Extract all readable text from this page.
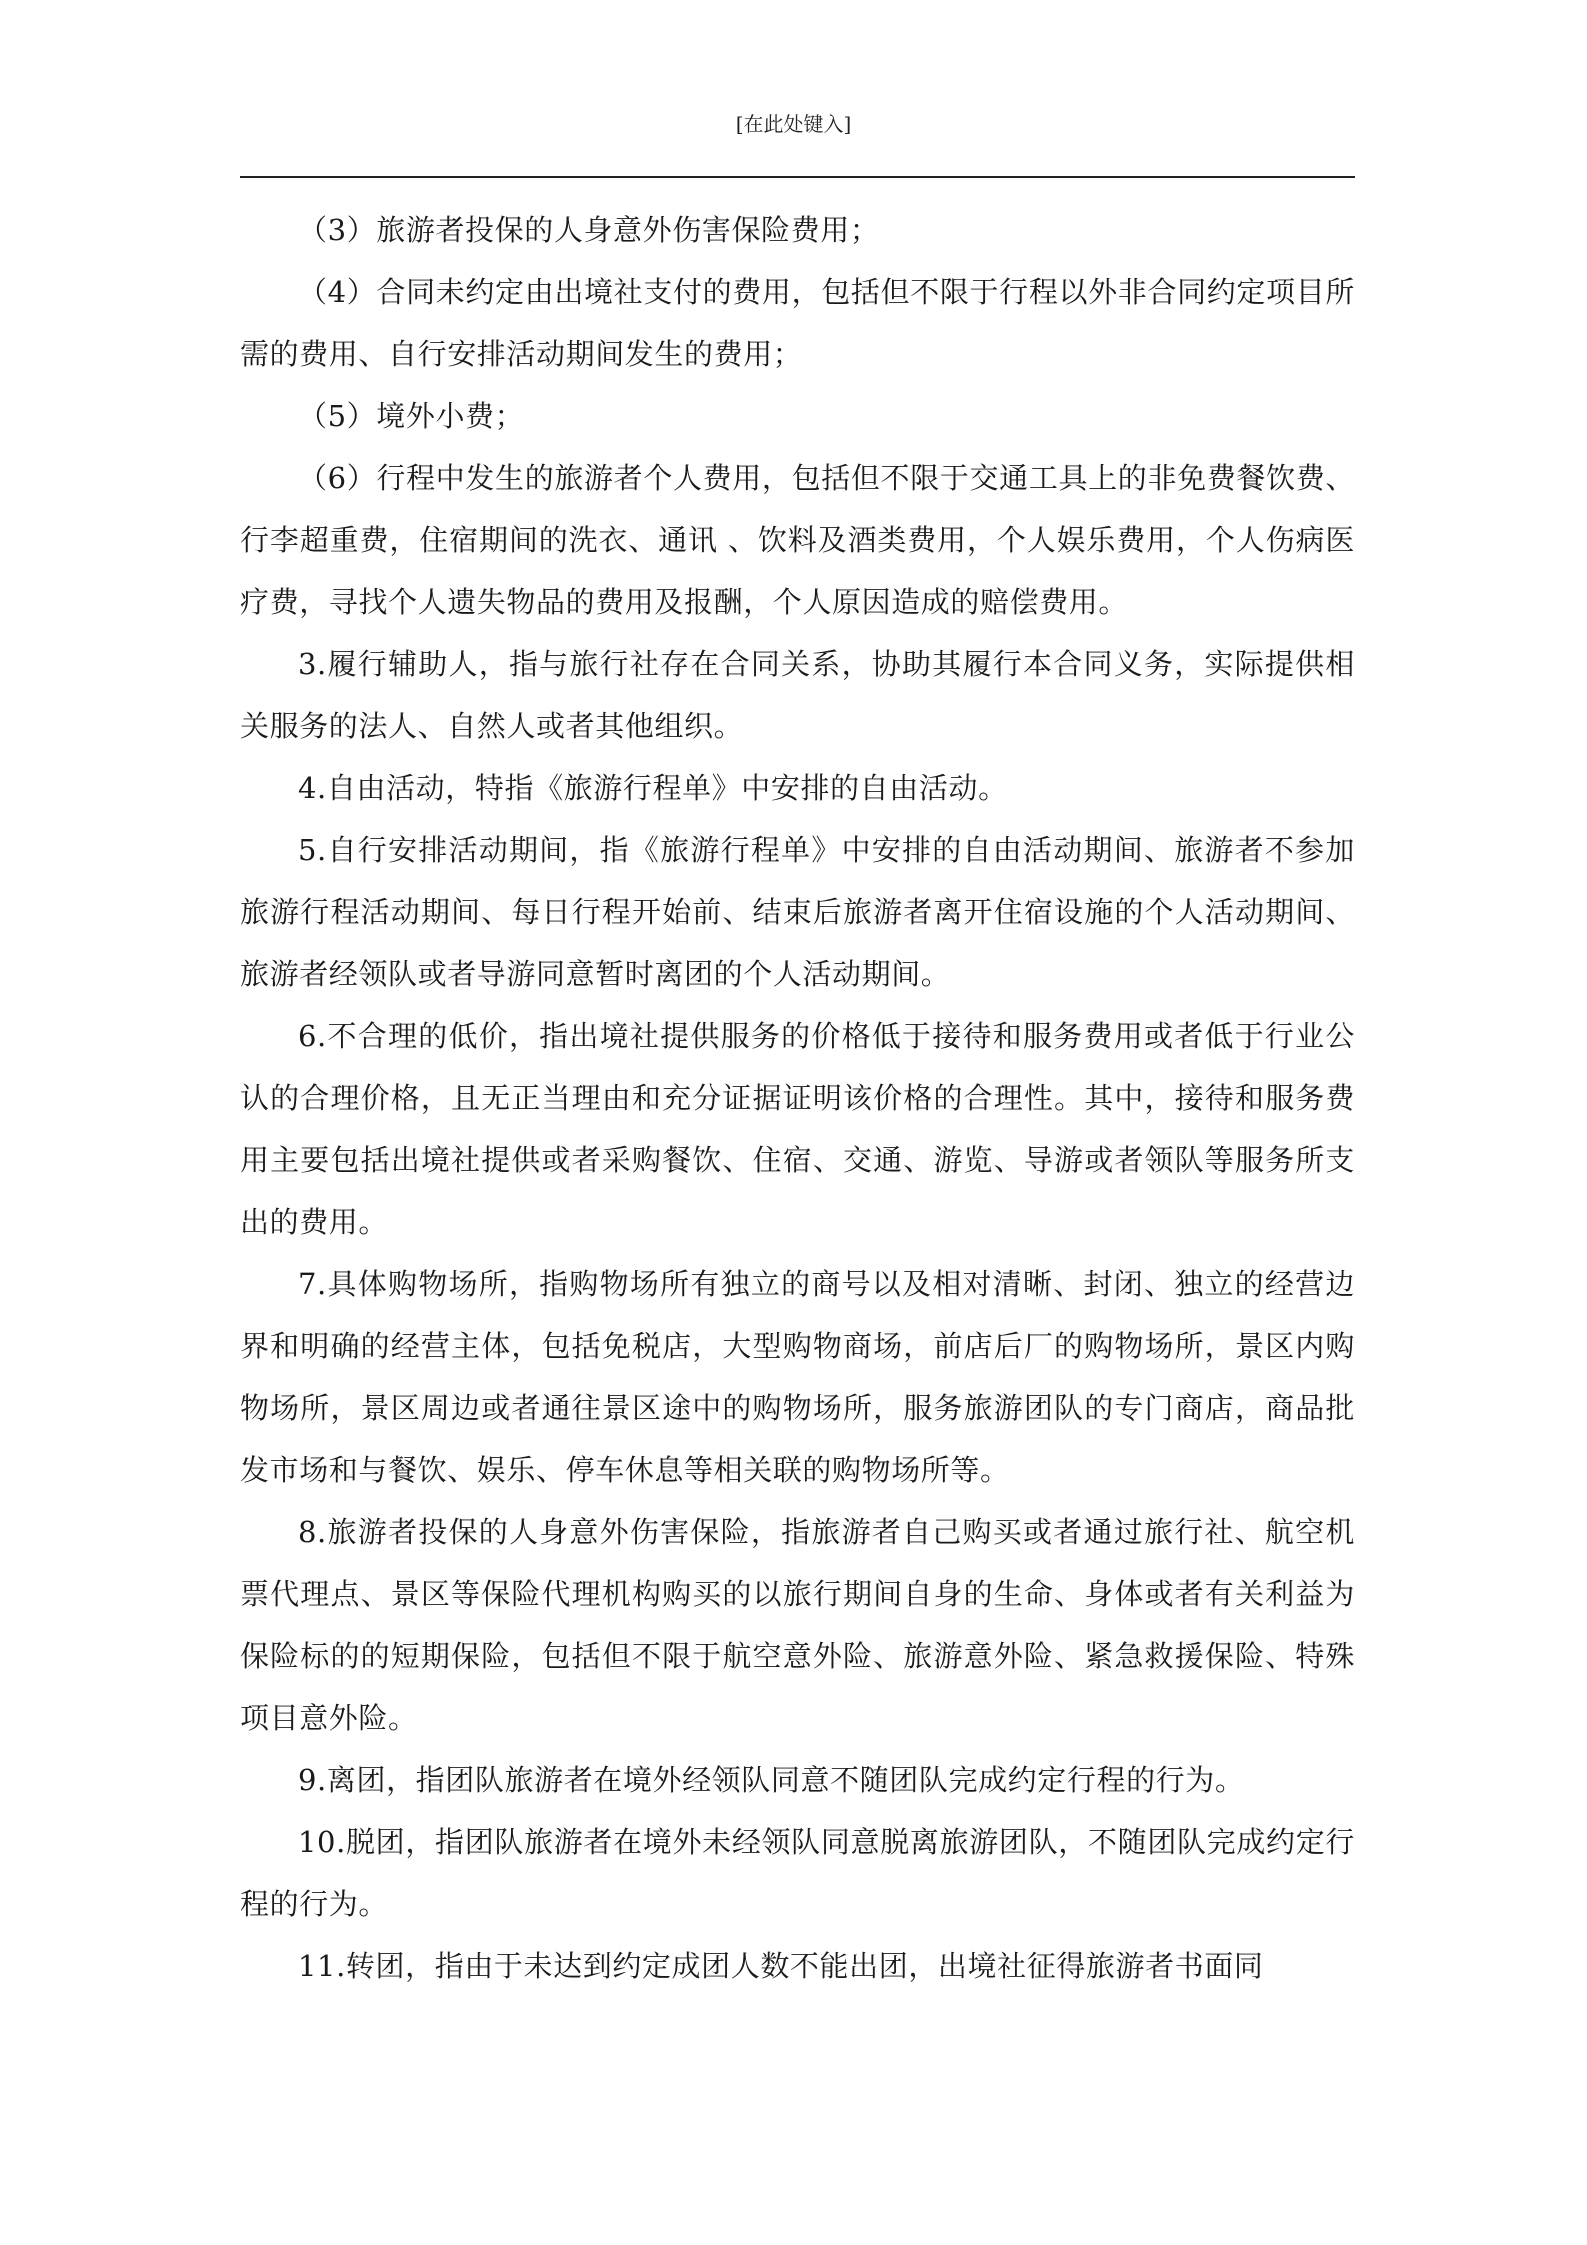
[在此处键入]

（3）旅游者投保的人身意外伤害保险费用；

（4）合同未约定由出境社支付的费用，包括但不限于行程以外非合同约定项目所需的费用、自行安排活动期间发生的费用；

（5）境外小费；

（6）行程中发生的旅游者个人费用，包括但不限于交通工具上的非免费餐饮费、行李超重费，住宿期间的洗衣、通讯 、饮料及酒类费用，个人娱乐费用，个人伤病医疗费，寻找个人遗失物品的费用及报酬，个人原因造成的赔偿费用。

3.履行辅助人，指与旅行社存在合同关系，协助其履行本合同义务，实际提供相关服务的法人、自然人或者其他组织。

4.自由活动，特指《旅游行程单》中安排的自由活动。

5.自行安排活动期间，指《旅游行程单》中安排的自由活动期间、旅游者不参加旅游行程活动期间、每日行程开始前、结束后旅游者离开住宿设施的个人活动期间、旅游者经领队或者导游同意暂时离团的个人活动期间。

6.不合理的低价，指出境社提供服务的价格低于接待和服务费用或者低于行业公认的合理价格，且无正当理由和充分证据证明该价格的合理性。其中，接待和服务费用主要包括出境社提供或者采购餐饮、住宿、交通、游览、导游或者领队等服务所支出的费用。

7.具体购物场所，指购物场所有独立的商号以及相对清晰、封闭、独立的经营边界和明确的经营主体，包括免税店，大型购物商场，前店后厂的购物场所，景区内购物场所，景区周边或者通往景区途中的购物场所，服务旅游团队的专门商店，商品批发市场和与餐饮、娱乐、停车休息等相关联的购物场所等。

8.旅游者投保的人身意外伤害保险，指旅游者自己购买或者通过旅行社、航空机票代理点、景区等保险代理机构购买的以旅行期间自身的生命、身体或者有关利益为保险标的的短期保险，包括但不限于航空意外险、旅游意外险、紧急救援保险、特殊项目意外险。

9.离团，指团队旅游者在境外经领队同意不随团队完成约定行程的行为。

10.脱团，指团队旅游者在境外未经领队同意脱离旅游团队，不随团队完成约定行程的行为。

11.转团，指由于未达到约定成团人数不能出团，出境社征得旅游者书面同
